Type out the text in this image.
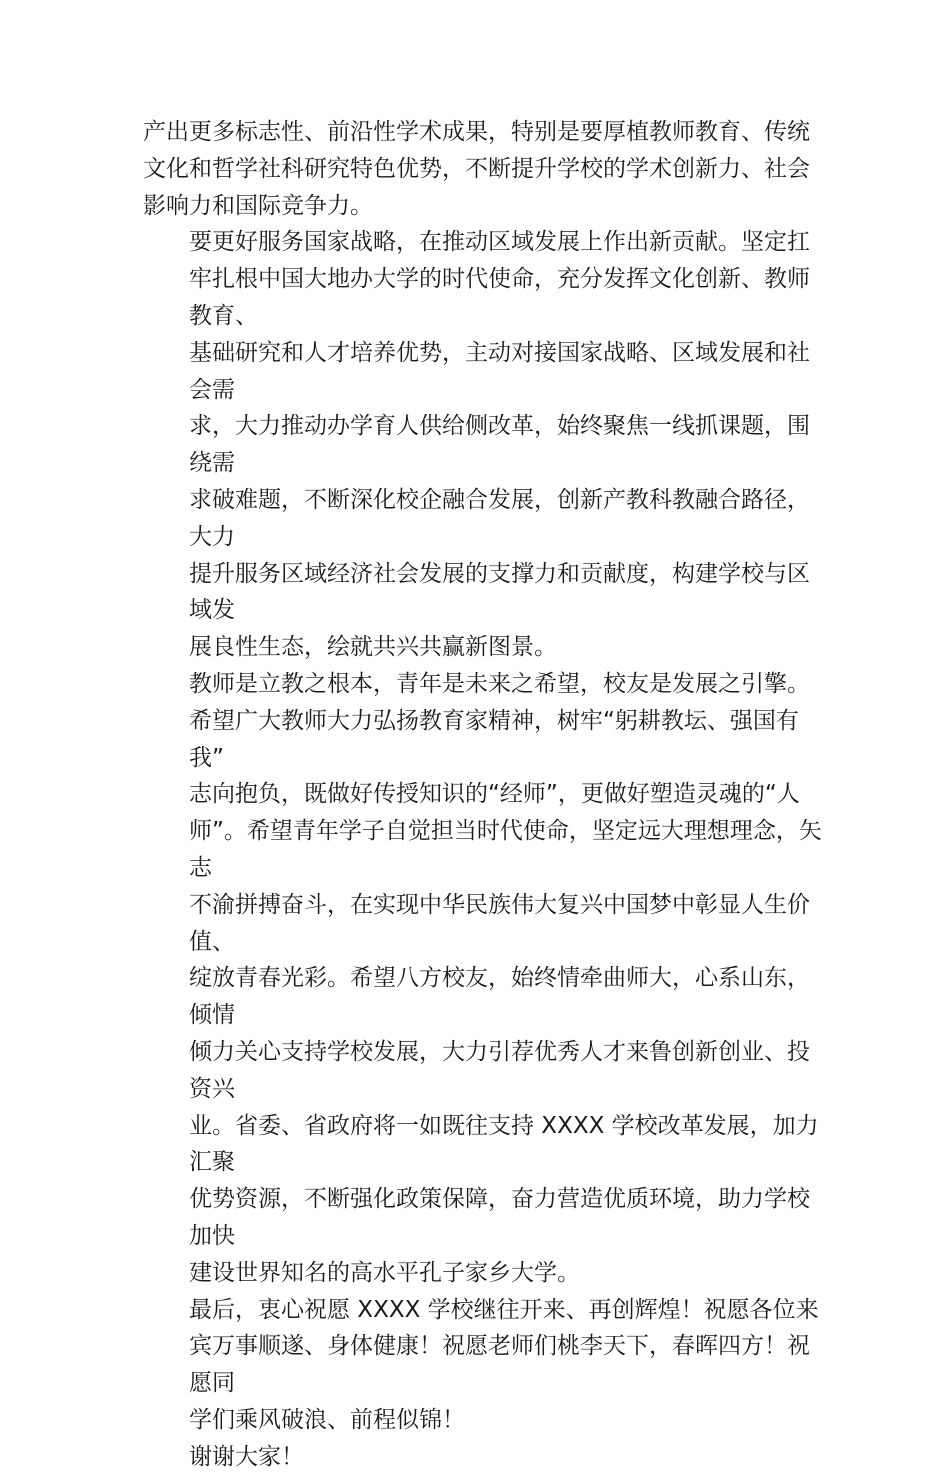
产出更多标志性、前沿性学术成果，特别是要厚植教师教育、传统
文化和哲学社科研究特色优势，不断提升学校的学术创新力、社会
影响力和国际竞争力。

要更好服务国家战略，在推动区域发展上作出新贡献。坚定扛
牢扎根中国大地办大学的时代使命，充分发挥文化创新、教师教育、
基础研究和人才培养优势，主动对接国家战略、区域发展和社会需
求，大力推动办学育人供给侧改革，始终聚焦一线抓课题，围绕需
求破难题，不断深化校企融合发展，创新产教科教融合路径，大力
提升服务区域经济社会发展的支撑力和贡献度，构建学校与区域发
展良性生态，绘就共兴共赢新图景。

教师是立教之根本，青年是未来之希望，校友是发展之引擎。
希望广大教师大力弘扬教育家精神，树牢“躬耕教坛、强国有我”
志向抱负，既做好传授知识的“经师”，更做好塑造灵魂的“人
师”。希望青年学子自觉担当时代使命，坚定远大理想理念，矢志
不渝拼搏奋斗，在实现中华民族伟大复兴中国梦中彰显人生价值、
绽放青春光彩。希望八方校友，始终情牵曲师大，心系山东，倾情
倾力关心支持学校发展，大力引荐优秀人才来鲁创新创业、投资兴
业。省委、省政府将一如既往支持 XXXX 学校改革发展，加力汇聚
优势资源，不断强化政策保障，奋力营造优质环境，助力学校加快
建设世界知名的高水平孔子家乡大学。

最后，衷心祝愿 XXXX 学校继往开来、再创辉煌！祝愿各位来
宾万事顺遂、身体健康！祝愿老师们桃李天下，春晖四方！祝愿同
学们乘风破浪、前程似锦！

谢谢大家！
